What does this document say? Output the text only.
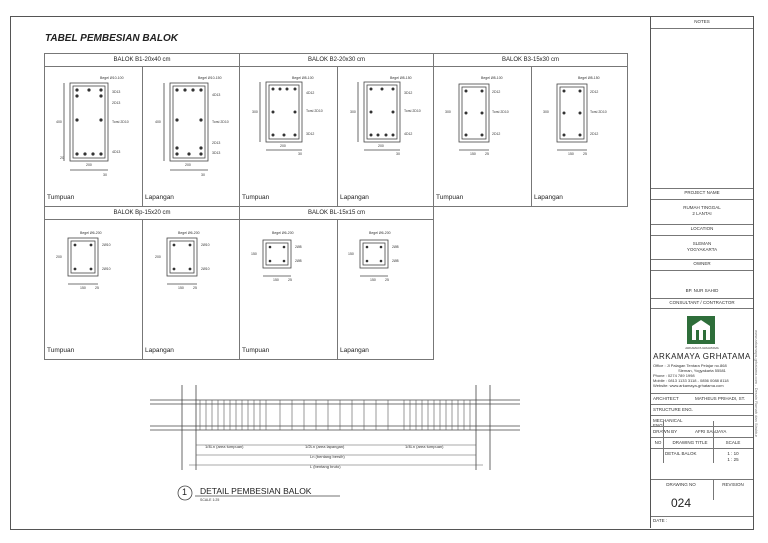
TABEL PEMBESIAN BALOK
BALOK B1-20x40 cm	BALOK B2-20x30 cm	BALOK B3-15x30 cm
Tumpuan	Lapangan	Tumpuan	Lapangan	Tumpuan	Lapangan
BALOK Bp-15x20 cm	BALOK BL-15x15 cm
Tumpuan	Lapangan	Tumpuan	Lapangan
Begel Ø10-100
3D13
2D13
Torsi 2D10
4D13
Begel Ø10-150
4D13
Torsi 2D10
2D13
3D13
Begel Ø8-100
4D12
Torsi 2D10
3D12
Begel Ø8-150
3D12
Torsi 2D10
4D12
Begel Ø8-100
2D12
Torsi 2D10
2D12
Begel Ø8-150
2D12
Torsi 2D10
2D12
Begel Ø6-200
2Ø10
2Ø10
Begel Ø6-200
2Ø10
2Ø10
Begel Ø6-200
2Ø8
2Ø8
Begel Ø6-200
2Ø8
2Ø8
400
200
30
20
400
200
30
300
200
30
300
200
30
300
150	25
300
150	25
200
150	25
200
150	25
150
150	25
150
150	25
1/4Ln (area tumpuan)	1/2Ln (area lapangan)	1/4Ln (area tumpuan)
Ln (bentang bersih)
L (bentang bruto)
1 DETAIL PEMBESIAN BALOK
SCALE 1:25
NOTES
PROJECT NAME
RUMAH TINGGAL
2 LANTAI
LOCATION
SLEMAN
YOGYAKARTA
OWNER
BP. NUR SAHID
CONSULTANT / CONTRACTOR
ARKAMAYA GRHATAMA
ARKAMAYA GRHATAMA
Office : Jl Palagan Tentara Pelajar no.868
Sleman, Yogyakarta 55581
Phone : 0274 789 1998
Mobile : 0813 1133 3118 - 0856 0088 8118
Website: www.arkamaya-grhatama.com
ARCHITECT	MATHEUS PRIHADI, ST.
STRUCTURE ENG.
MECHANICAL ENG.
DRAWN BY	AFRI SANJAYA
NO	DRAWING TITLE	SCALE
DETAIL BALOK	1 : 10
1 : 25
DRAWING NO	REVISION
024
DATE :
www.arkamaya-grhatama.com - Desain Rumah dan Struktur
